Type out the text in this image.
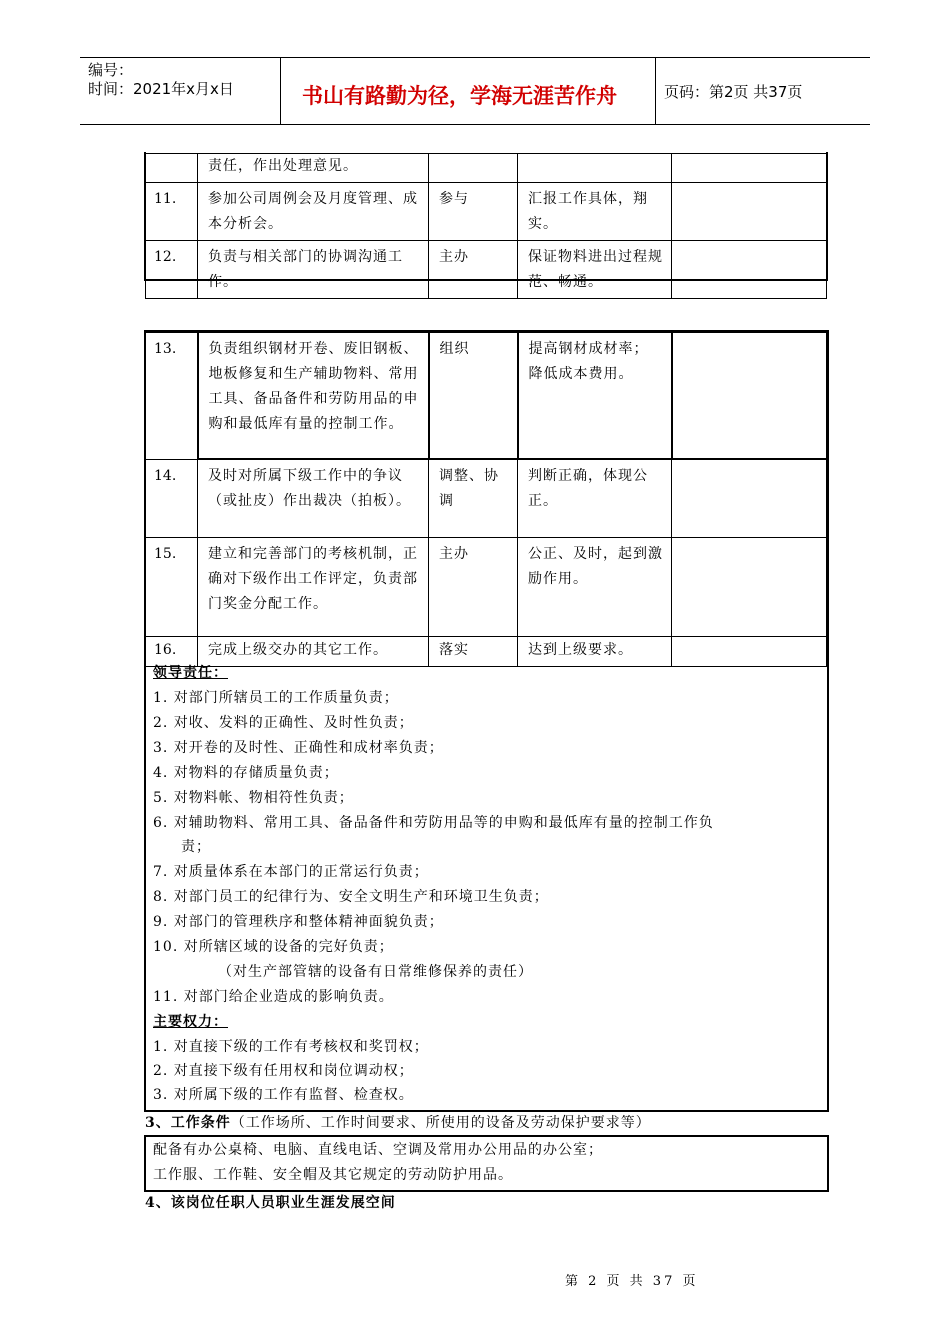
编号：
时间：2021年x月x日	书山有路勤为径，学海无涯苦作舟	页码：第2页 共37页
	责任，作出处理意见。			
11.	参加公司周例会及月度管理、成本分析会。	参与	汇报工作具体，翔实。	
12.	负责与相关部门的协调沟通工作。	主办	保证物料进出过程规范、畅通。	
13.	负责组织钢材开卷、废旧钢板、地板修复和生产辅助物料、常用工具、备品备件和劳防用品的申购和最低库有量的控制工作。	组织	提高钢材成材率；降低成本费用。	
14.	及时对所属下级工作中的争议（或扯皮）作出裁决（拍板）。	调整、协调	判断正确，体现公正。	
15.	建立和完善部门的考核机制，正确对下级作出工作评定，负责部门奖金分配工作。	主办	公正、及时，起到激励作用。	
16.	完成上级交办的其它工作。	落实	达到上级要求。	
领导责任：
1. 对部门所辖员工的工作质量负责；
2. 对收、发料的正确性、及时性负责；
3. 对开卷的及时性、正确性和成材率负责；
4. 对物料的存储质量负责；
5. 对物料帐、物相符性负责；
6. 对辅助物料、常用工具、备品备件和劳防用品等的申购和最低库有量的控制工作负
责；
7. 对质量体系在本部门的正常运行负责；
8. 对部门员工的纪律行为、安全文明生产和环境卫生负责；
9. 对部门的管理秩序和整体精神面貌负责；
10. 对所辖区域的设备的完好负责；
（对生产部管辖的设备有日常维修保养的责任）
11. 对部门给企业造成的影响负责。
主要权力：
1. 对直接下级的工作有考核权和奖罚权；
2. 对直接下级有任用权和岗位调动权；
3. 对所属下级的工作有监督、检查权。
3、工作条件（工作场所、工作时间要求、所使用的设备及劳动保护要求等）
配备有办公桌椅、电脑、直线电话、空调及常用办公用品的办公室；
工作服、工作鞋、安全帽及其它规定的劳动防护用品。
4、该岗位任职人员职业生涯发展空间
第 2 页 共 37 页
